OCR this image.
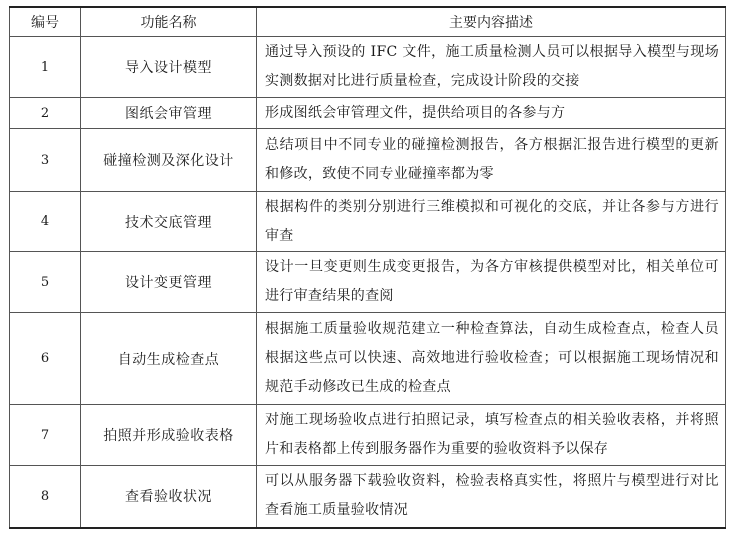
编号	功能名称	主要内容描述
1	导入设计模型	通过导入预设的 IFC 文件，施工质量检测人员可以根据导入模型与现场实测数据对比进行质量检查，完成设计阶段的交接
2	图纸会审管理	形成图纸会审管理文件，提供给项目的各参与方
3	碰撞检测及深化设计	总结项目中不同专业的碰撞检测报告，各方根据汇报告进行模型的更新和修改，致使不同专业碰撞率都为零
4	技术交底管理	根据构件的类别分别进行三维模拟和可视化的交底，并让各参与方进行审查
5	设计变更管理	设计一旦变更则生成变更报告，为各方审核提供模型对比，相关单位可进行审查结果的查阅
6	自动生成检查点	根据施工质量验收规范建立一种检查算法，自动生成检查点，检查人员根据这些点可以快速、高效地进行验收检查；可以根据施工现场情况和规范手动修改已生成的检查点
7	拍照并形成验收表格	对施工现场验收点进行拍照记录，填写检查点的相关验收表格，并将照片和表格都上传到服务器作为重要的验收资料予以保存
8	查看验收状况	可以从服务器下载验收资料，检验表格真实性，将照片与模型进行对比查看施工质量验收情况
